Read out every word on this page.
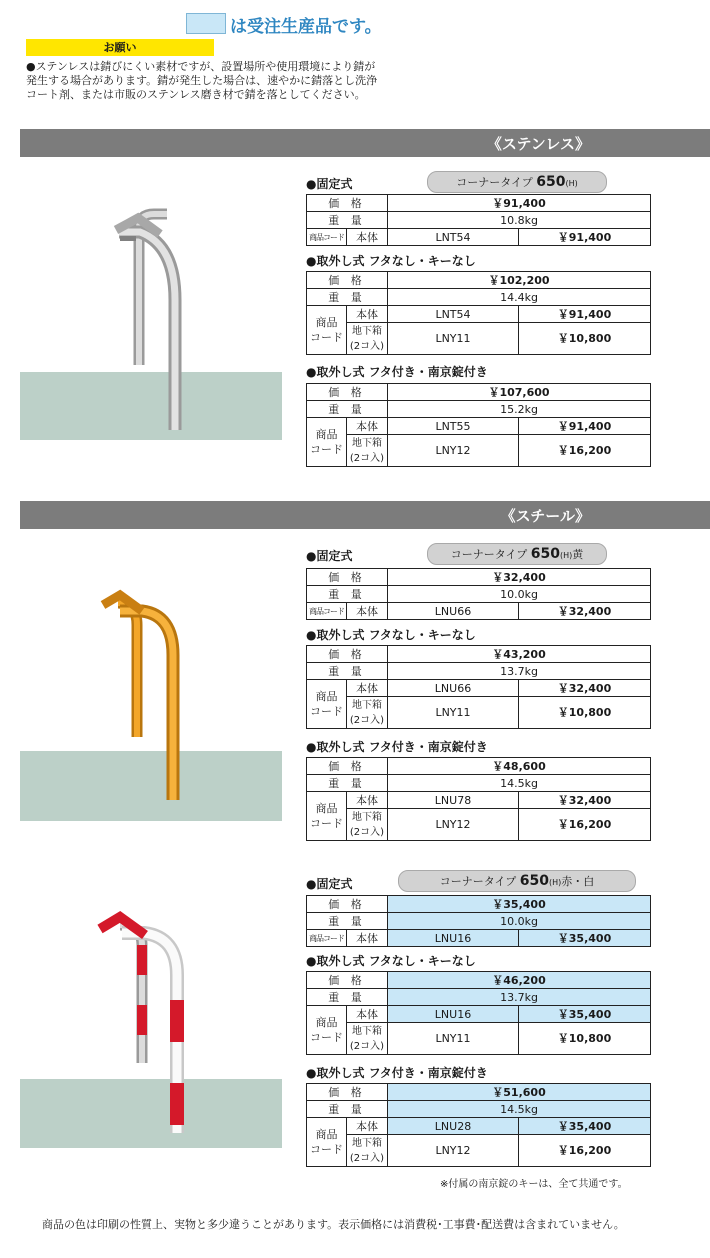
は受注生産品です。
お願い
●ステンレスは錆びにくい素材ですが、設置場所や使用環境により錆が発生する場合があります。錆が発生した場合は、速やかに錆落とし洗浄コート剤、または市販のステンレス磨き材で錆を落としてください。
《ステンレス》
《スチール》
●固定式	コーナータイプ 650(H)
価 格		￥91,400	
重 量		10.8kg	
商品コード	本体	LNT54	￥91,400
●取外し式 フタなし・キーなし
価 格		￥102,200	
重 量		14.4kg	
商品
コード	本体	LNT54	￥91,400
	地下箱
(2コ入)	LNY11	￥10,800
●取外し式 フタ付き・南京錠付き
価 格		￥107,600	
重 量		15.2kg	
商品
コード	本体	LNT55	￥91,400
	地下箱
(2コ入)	LNY12	￥16,200
●固定式	コーナータイプ 650(H)黄
価 格		￥32,400	
重 量		10.0kg	
商品コード	本体	LNU66	￥32,400
●取外し式 フタなし・キーなし
価 格		￥43,200	
重 量		13.7kg	
商品
コード	本体	LNU66	￥32,400
	地下箱
(2コ入)	LNY11	￥10,800
●取外し式 フタ付き・南京錠付き
価 格		￥48,600	
重 量		14.5kg	
商品
コード	本体	LNU78	￥32,400
	地下箱
(2コ入)	LNY12	￥16,200
●固定式	コーナータイプ 650(H)赤・白
価 格		￥35,400	
重 量		10.0kg	
商品コード	本体	LNU16	￥35,400
●取外し式 フタなし・キーなし
価 格		￥46,200	
重 量		13.7kg	
商品
コード	本体	LNU16	￥35,400
	地下箱
(2コ入)	LNY11	￥10,800
●取外し式 フタ付き・南京錠付き
価 格		￥51,600	
重 量		14.5kg	
商品
コード	本体	LNU28	￥35,400
	地下箱
(2コ入)	LNY12	￥16,200
※付属の南京錠のキーは、全て共通です。
商品の色は印刷の性質上、実物と多少違うことがあります。表示価格には消費税･工事費･配送費は含まれていません。
